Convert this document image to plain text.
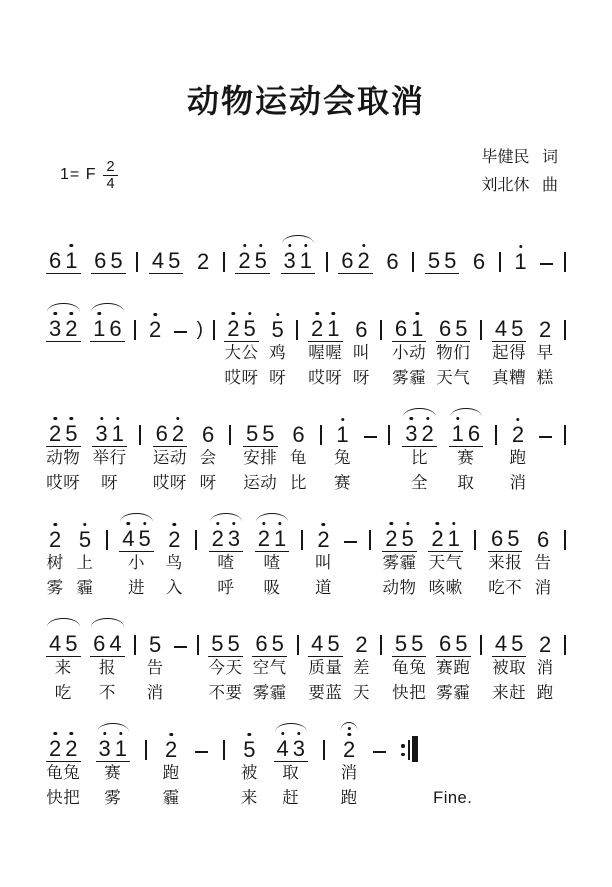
动物运动会取消
1= F $\frac{2}{4}$
毕健民 词
刘北休 曲
6 1 6 5 4 5 2 2 5 3 1 6 2 6 5 5 6 1
3 2 1 6 2 ) 2 5
大公
哎呀
5
鸡
呀
2 1
喔喔
哎呀
6
叫
呀
6 1
小动
雾霾
6 5
物们
天气
4 5
起得
真糟
2
早
糕
2 5
动物
哎呀
3 1
举行
呀
6 2
运动
哎呀
6
会
呀
5 5
安排
运动
6
龟
比
1
兔
赛
3 2
比
全
1 6
赛
取
2
跑
消
2
树
雾
5
上
霾
4 5
小
进
2
鸟
入
2 3
喳
呼
2 1
喳
吸
2
叫
道
2 5
雾霾
动物
2 1
天气
咳嗽
6 5
来报
吃不
6
告
消
4 5
来
吃
6 4
报
不
5
告
消
5 5
今天
不要
6 5
空气
雾霾
4 5
质量
要蓝
2
差
天
5 5
龟兔
快把
6 5
赛跑
雾霾
4 5
被取
来赶
2
消
跑
2 2
龟兔
快把
3 1
赛
雾
2
跑
霾
5
被
来
4 3
取
赶
2
消
跑	Fine.
